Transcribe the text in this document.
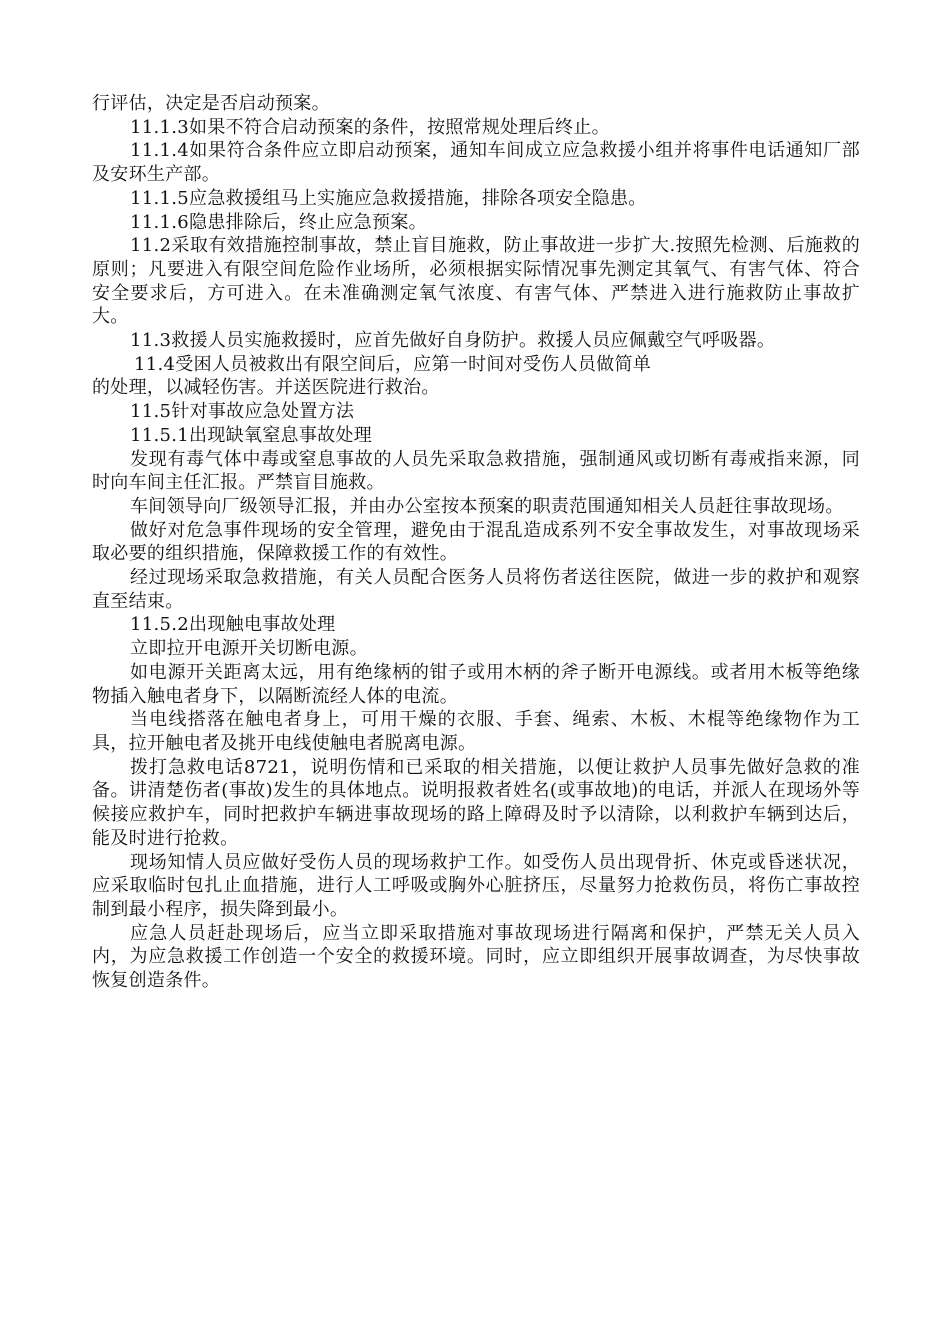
行评估，决定是否启动预案。

11.1.3如果不符合启动预案的条件，按照常规处理后终止。

11.1.4如果符合条件应立即启动预案，通知车间成立应急救援小组并将事件电话通知厂部及安环生产部。

11.1.5应急救援组马上实施应急救援措施，排除各项安全隐患。

11.1.6隐患排除后，终止应急预案。

11.2采取有效措施控制事故，禁止盲目施救，防止事故进一步扩大.按照先检测、后施救的原则；凡要进入有限空间危险作业场所，必须根据实际情况事先测定其氧气、有害气体、符合安全要求后，方可进入。在未准确测定氧气浓度、有害气体、严禁进入进行施救防止事故扩大。

11.3救援人员实施救援时，应首先做好自身防护。救援人员应佩戴空气呼吸器。

11.4受困人员被救出有限空间后，应第一时间对受伤人员做简单

的处理，以减轻伤害。并送医院进行救治。

11.5针对事故应急处置方法

11.5.1出现缺氧窒息事故处理

发现有毒气体中毒或窒息事故的人员先采取急救措施，强制通风或切断有毒戒指来源，同时向车间主任汇报。严禁盲目施救。

车间领导向厂级领导汇报，并由办公室按本预案的职责范围通知相关人员赶往事故现场。

做好对危急事件现场的安全管理，避免由于混乱造成系列不安全事故发生，对事故现场采取必要的组织措施，保障救援工作的有效性。

经过现场采取急救措施，有关人员配合医务人员将伤者送往医院，做进一步的救护和观察直至结束。

11.5.2出现触电事故处理

立即拉开电源开关切断电源。

如电源开关距离太远，用有绝缘柄的钳子或用木柄的斧子断开电源线。或者用木板等绝缘物插入触电者身下，以隔断流经人体的电流。

当电线搭落在触电者身上，可用干燥的衣服、手套、绳索、木板、木棍等绝缘物作为工具，拉开触电者及挑开电线使触电者脱离电源。

拨打急救电话8721，说明伤情和已采取的相关措施，以便让救护人员事先做好急救的准备。讲清楚伤者(事故)发生的具体地点。说明报救者姓名(或事故地)的电话，并派人在现场外等候接应救护车，同时把救护车辆进事故现场的路上障碍及时予以清除，以利救护车辆到达后，能及时进行抢救。

现场知情人员应做好受伤人员的现场救护工作。如受伤人员出现骨折、休克或昏迷状况，应采取临时包扎止血措施，进行人工呼吸或胸外心脏挤压，尽量努力抢救伤员，将伤亡事故控制到最小程序，损失降到最小。

应急人员赶赴现场后，应当立即采取措施对事故现场进行隔离和保护，严禁无关人员入内，为应急救援工作创造一个安全的救援环境。同时，应立即组织开展事故调查，为尽快事故恢复创造条件。
